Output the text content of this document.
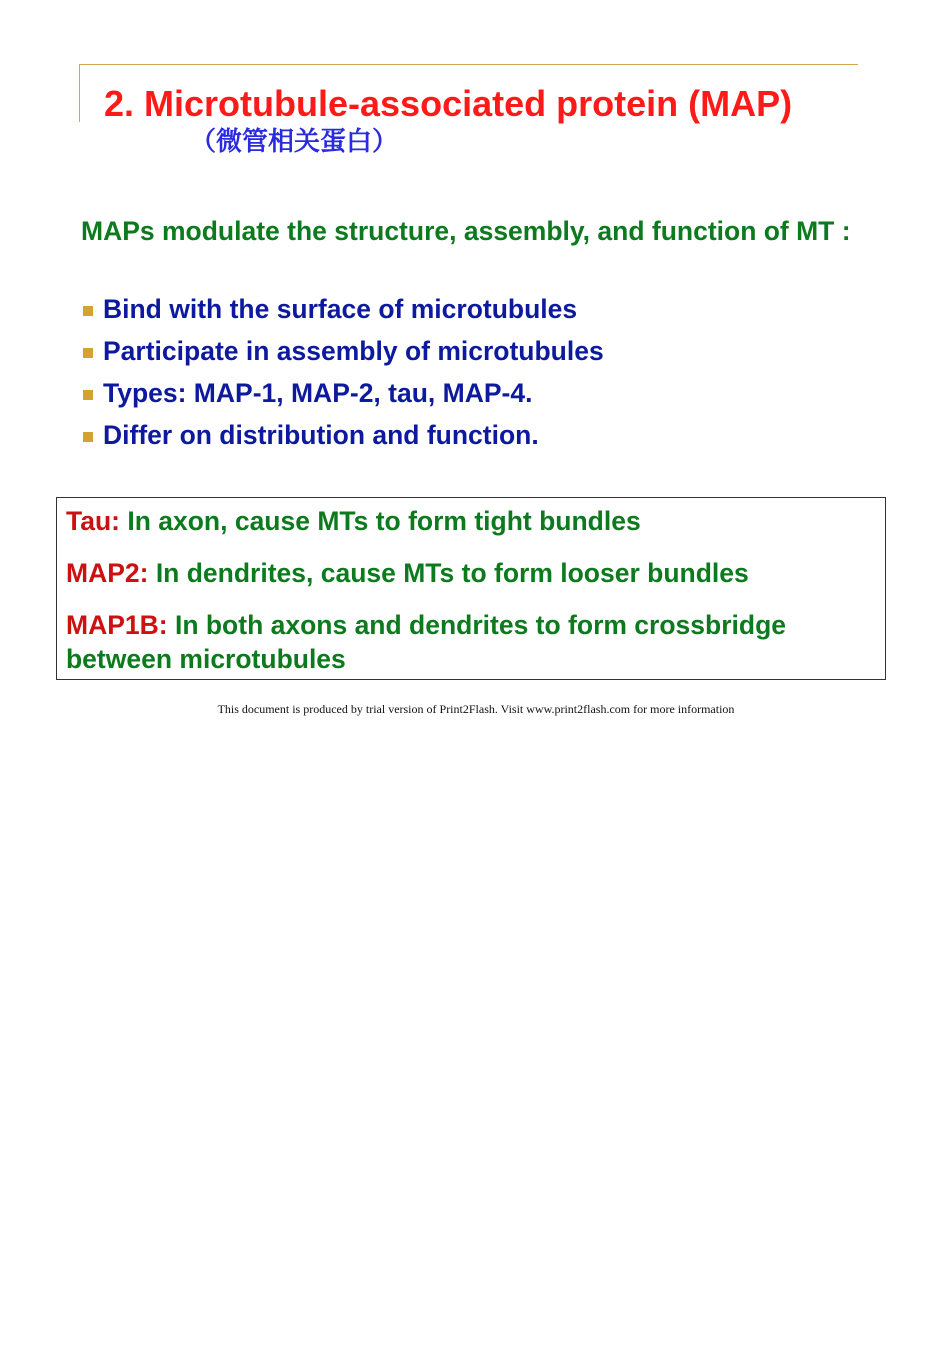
2. Microtubule-associated protein (MAP)

（微管相关蛋白）

MAPs modulate the structure, assembly, and function of MT :

Bind with the surface of microtubules
Participate in assembly of microtubules
Types: MAP-1, MAP-2, tau, MAP-4.
Differ on distribution and function.

Tau: In axon, cause MTs to form tight bundles

MAP2: In dendrites, cause MTs to form looser bundles

MAP1B: In both axons and dendrites to form crossbridge between microtubules

This document is produced by trial version of Print2Flash. Visit www.print2flash.com for more information
